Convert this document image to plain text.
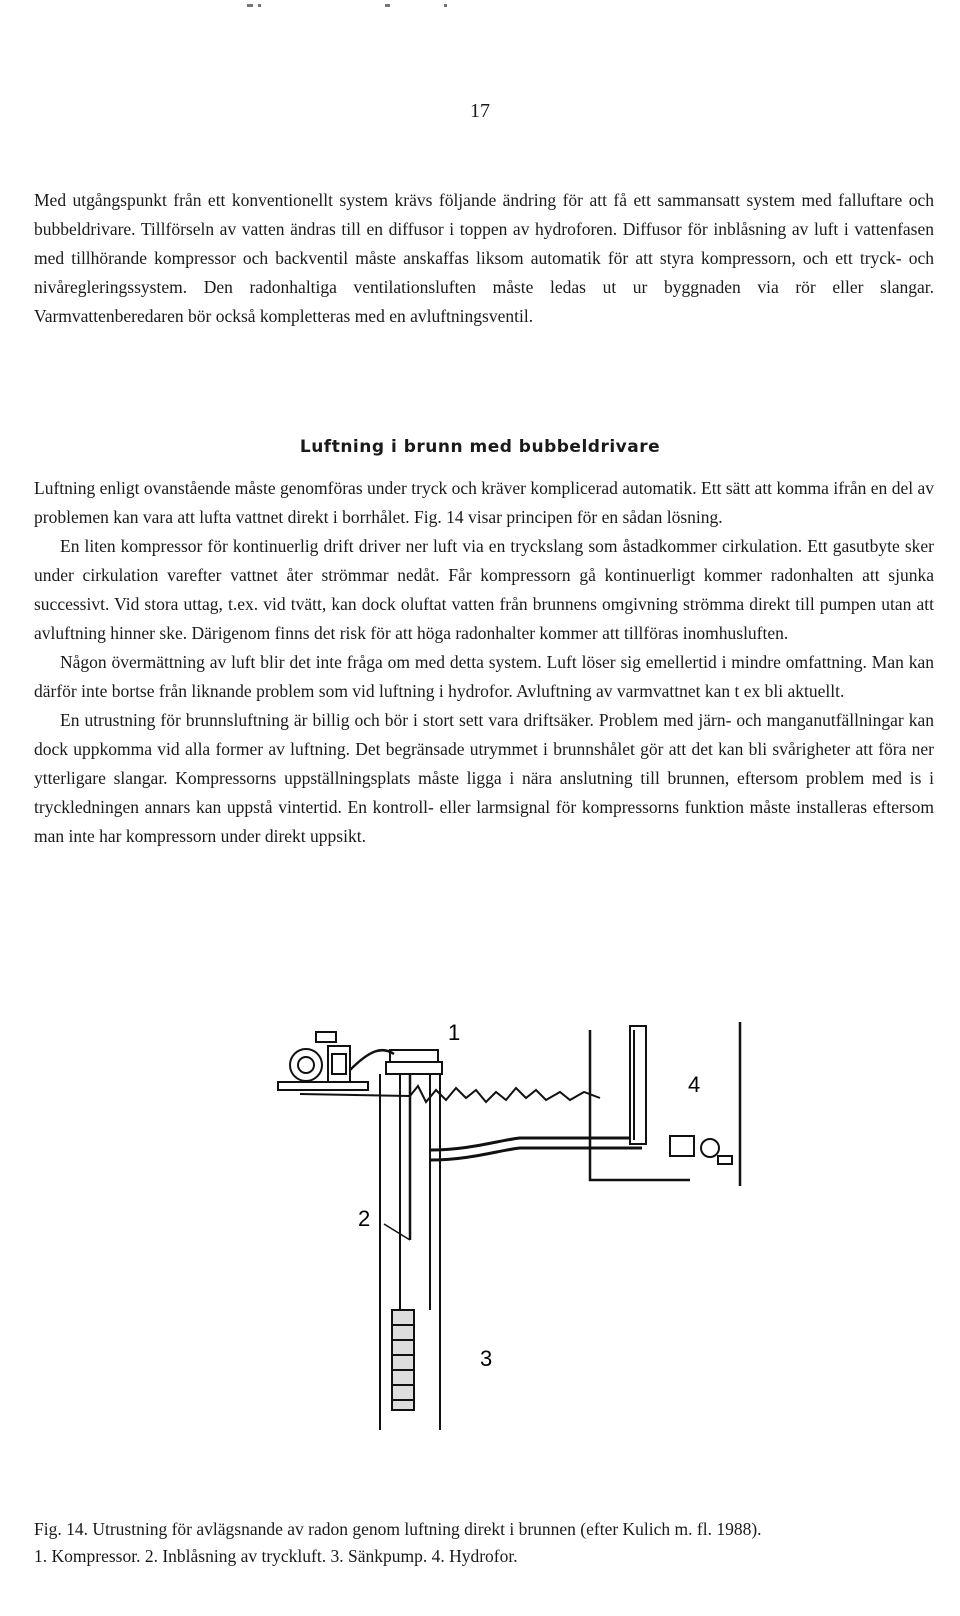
17

Med utgångspunkt från ett konventionellt system krävs följande ändring för att få ett sammansatt system med falluftare och bubbeldrivare. Tillförseln av vatten ändras till en diffusor i toppen av hydroforen. Diffusor för inblåsning av luft i vattenfasen med tillhörande kompressor och backventil måste anskaffas liksom automatik för att styra kompressorn, och ett tryck- och nivåregleringssystem. Den radonhaltiga ventilationsluften måste ledas ut ur byggnaden via rör eller slangar. Varmvattenberedaren bör också kompletteras med en avluftningsventil.

Luftning i brunn med bubbeldrivare

Luftning enligt ovanstående måste genomföras under tryck och kräver komplicerad automatik. Ett sätt att komma ifrån en del av problemen kan vara att lufta vattnet direkt i borrhålet. Fig. 14 visar principen för en sådan lösning.

En liten kompressor för kontinuerlig drift driver ner luft via en tryckslang som åstadkommer cirkulation. Ett gasutbyte sker under cirkulation varefter vattnet åter strömmar nedåt. Får kompressorn gå kontinuerligt kommer radonhalten att sjunka successivt. Vid stora uttag, t.ex. vid tvätt, kan dock oluftat vatten från brunnens omgivning strömma direkt till pumpen utan att avluftning hinner ske. Därigenom finns det risk för att höga radonhalter kommer att tillföras inomhusluften.

Någon övermättning av luft blir det inte fråga om med detta system. Luft löser sig emellertid i mindre omfattning. Man kan därför inte bortse från liknande problem som vid luftning i hydrofor. Avluftning av varmvattnet kan t ex bli aktuellt.

En utrustning för brunnsluftning är billig och bör i stort sett vara driftsäker. Problem med järn- och manganutfällningar kan dock uppkomma vid alla former av luftning. Det begränsade utrymmet i brunnshålet gör att det kan bli svårigheter att föra ner ytterligare slangar. Kompressorns uppställningsplats måste ligga i nära anslutning till brunnen, eftersom problem med is i tryckledningen annars kan uppstå vintertid. En kontroll- eller larmsignal för kompressorns funktion måste installeras eftersom man inte har kompressorn under direkt uppsikt.

1
2
3
4

Fig. 14. Utrustning för avlägsnande av radon genom luftning direkt i brunnen (efter Kulich m. fl. 1988).

1. Kompressor. 2. Inblåsning av tryckluft. 3. Sänkpump. 4. Hydrofor.
